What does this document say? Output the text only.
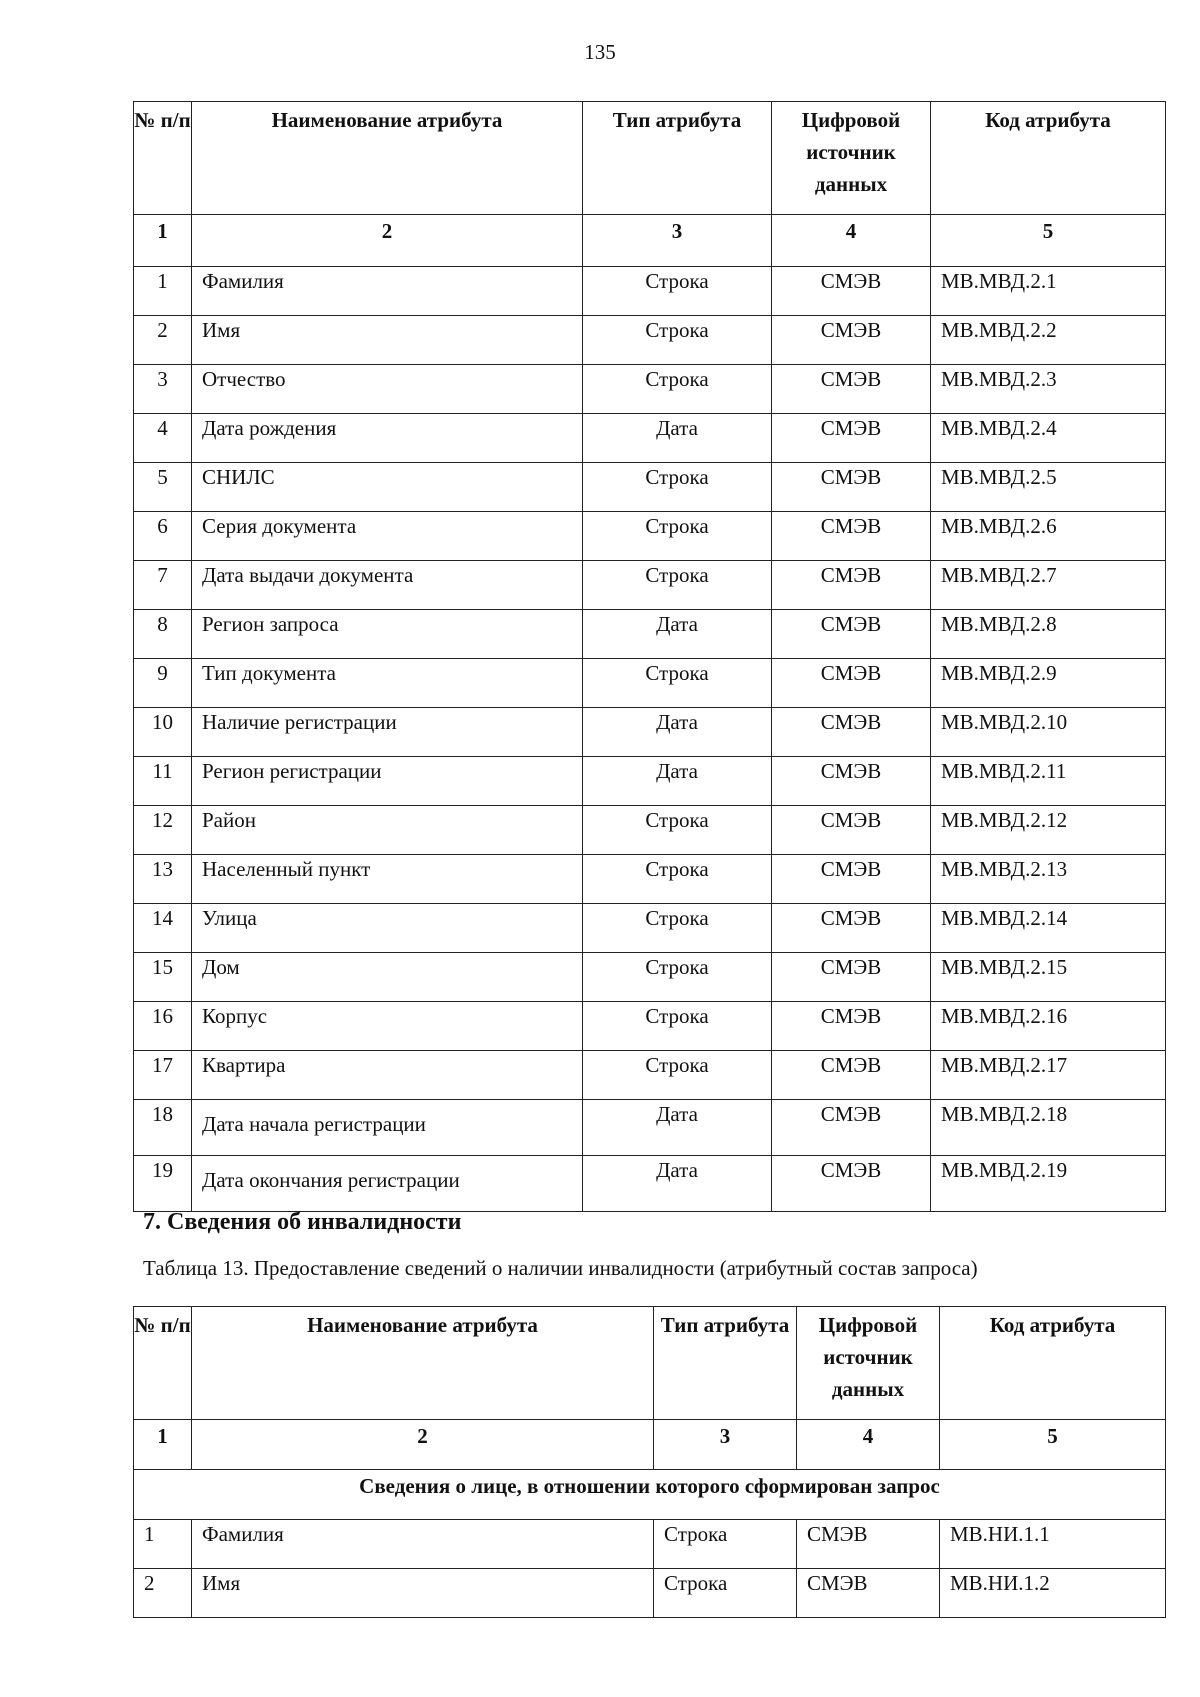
135
№ п/п	Наименование атрибута	Тип атрибута	Цифровой источник данных	Код атрибута
1	2	3	4	5
1	Фамилия	Строка	СМЭВ	МВ.МВД.2.1
2	Имя	Строка	СМЭВ	МВ.МВД.2.2
3	Отчество	Строка	СМЭВ	МВ.МВД.2.3
4	Дата рождения	Дата	СМЭВ	МВ.МВД.2.4
5	СНИЛС	Строка	СМЭВ	МВ.МВД.2.5
6	Серия документа	Строка	СМЭВ	МВ.МВД.2.6
7	Дата выдачи документа	Строка	СМЭВ	МВ.МВД.2.7
8	Регион запроса	Дата	СМЭВ	МВ.МВД.2.8
9	Тип документа	Строка	СМЭВ	МВ.МВД.2.9
10	Наличие регистрации	Дата	СМЭВ	МВ.МВД.2.10
11	Регион регистрации	Дата	СМЭВ	МВ.МВД.2.11
12	Район	Строка	СМЭВ	МВ.МВД.2.12
13	Населенный пункт	Строка	СМЭВ	МВ.МВД.2.13
14	Улица	Строка	СМЭВ	МВ.МВД.2.14
15	Дом	Строка	СМЭВ	МВ.МВД.2.15
16	Корпус	Строка	СМЭВ	МВ.МВД.2.16
17	Квартира	Строка	СМЭВ	МВ.МВД.2.17
18	Дата начала регистрации	Дата	СМЭВ	МВ.МВД.2.18
19	Дата окончания регистрации	Дата	СМЭВ	МВ.МВД.2.19
7. Сведения об инвалидности
Таблица 13. Предоставление сведений о наличии инвалидности (атрибутный состав запроса)
№ п/п	Наименование атрибута	Тип атрибута	Цифровой источник данных	Код атрибута
1	2	3	4	5
Сведения о лице, в отношении которого сформирован запрос				
1	Фамилия	Строка	СМЭВ	МВ.НИ.1.1
2	Имя	Строка	СМЭВ	МВ.НИ.1.2
